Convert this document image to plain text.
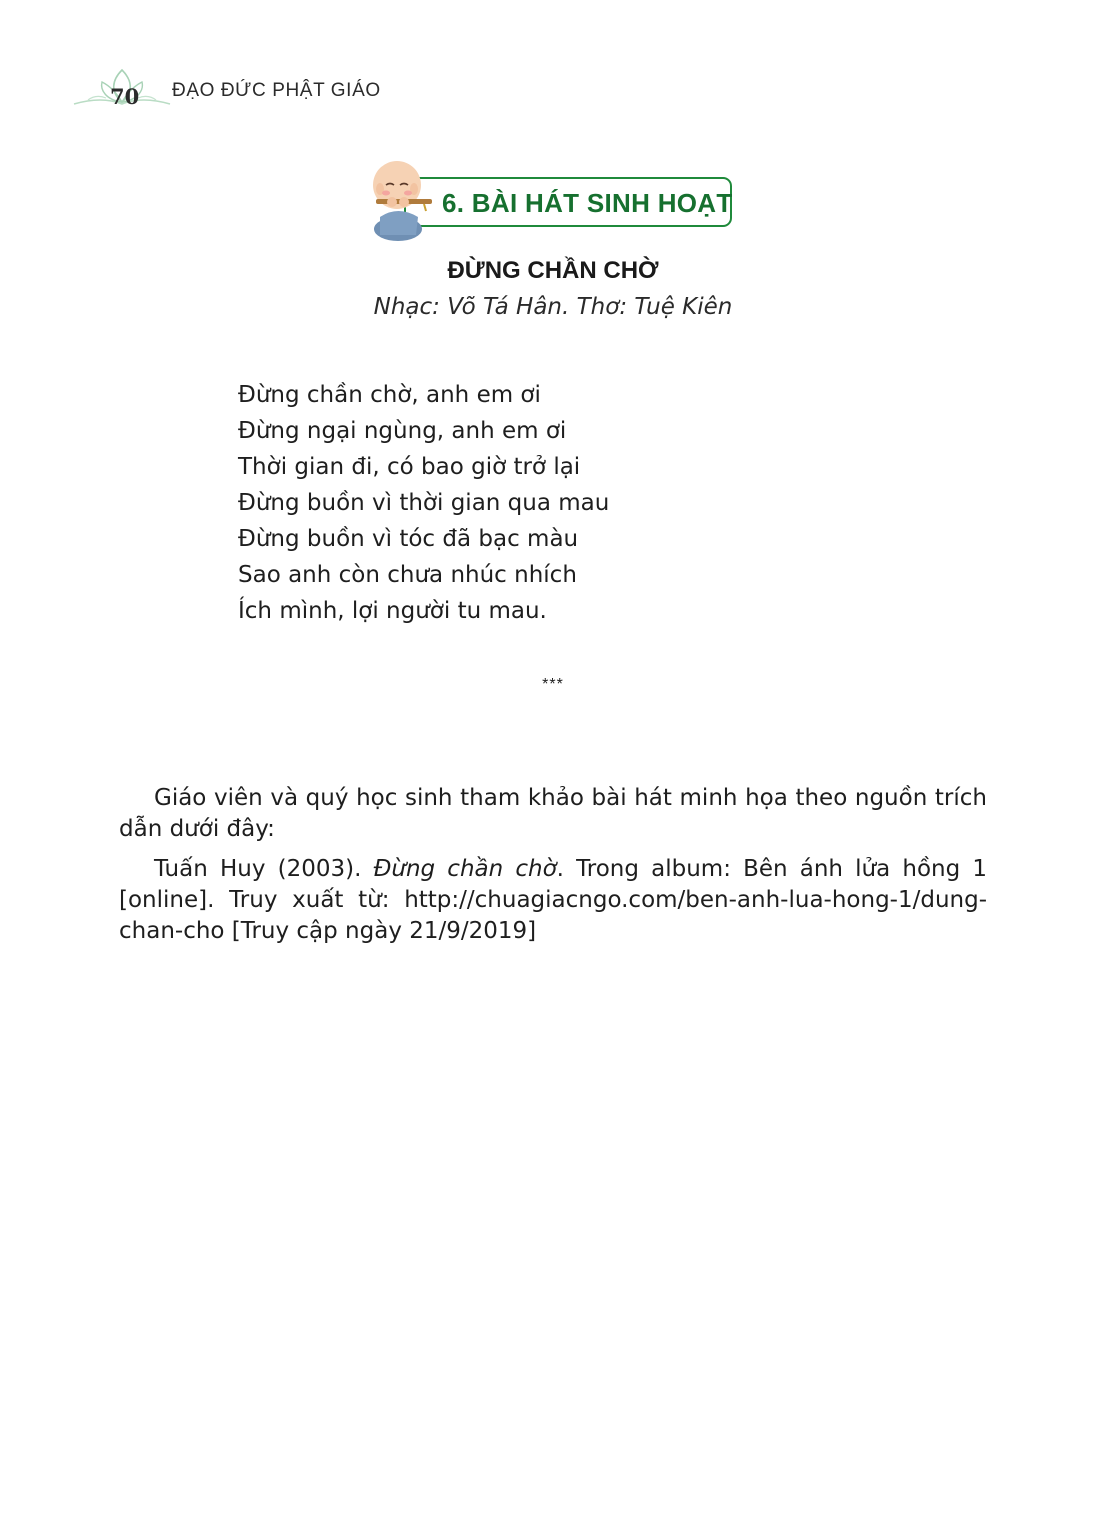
70 ĐẠO ĐỨC PHẬT GIÁO
6. BÀI HÁT SINH HOẠT
ĐỪNG CHẦN CHỜ
Nhạc: Võ Tá Hân. Thơ: Tuệ Kiên
Đừng chần chờ, anh em ơi
Đừng ngại ngùng, anh em ơi
Thời gian đi, có bao giờ trở lại
Đừng buồn vì thời gian qua mau
Đừng buồn vì tóc đã bạc màu
Sao anh còn chưa nhúc nhích
Ích mình, lợi người tu mau.
***

Giáo viên và quý học sinh tham khảo bài hát minh họa theo nguồn trích dẫn dưới đây:

Tuấn Huy (2003). Đừng chần chờ. Trong album: Bên ánh lửa hồng 1 [online]. Truy xuất từ: http://chuagiacngo.com/ben-anh-lua-hong-1/dung-chan-cho [Truy cập ngày 21/9/2019]
